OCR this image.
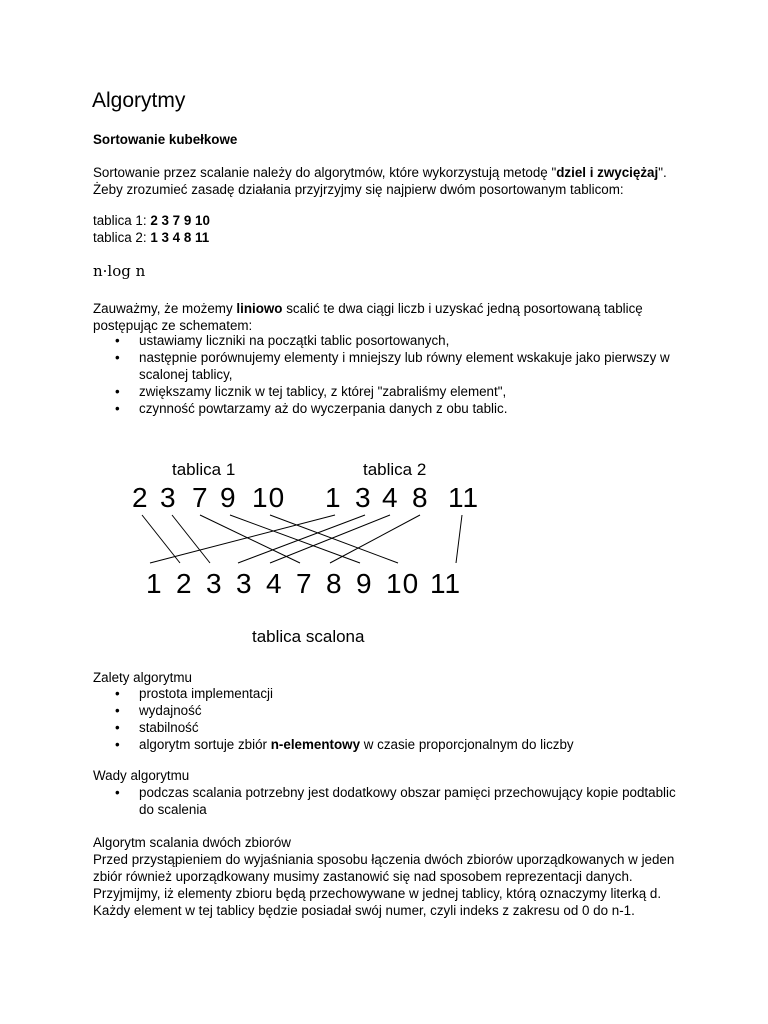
Algorytmy
Sortowanie kubełkowe
Sortowanie przez scalanie należy do algorytmów, które wykorzystują metodę "dziel i zwyciężaj".
Żeby zrozumieć zasadę działania przyjrzyjmy się najpierw dwóm posortowanym tablicom:
tablica 1: 2 3 7 9 10
tablica 2: 1 3 4 8 11
n·log n
Zauważmy, że możemy liniowo scalić te dwa ciągi liczb i uzyskać jedną posortowaną tablicę
postępując ze schematem:
• ustawiamy liczniki na początki tablic posortowanych,
• następnie porównujemy elementy i mniejszy lub równy element wskakuje jako pierwszy w
scalonej tablicy,
• zwiększamy licznik w tej tablicy, z której "zabraliśmy element",
• czynność powtarzamy aż do wyczerpania danych z obu tablic.
tablica 1	tablica 2
2 3 7 9 10 1 3 4 8 11
1 2 3 3 4 7 8 9 10 11
tablica scalona
Zalety algorytmu
• prostota implementacji
• wydajność
• stabilność
• algorytm sortuje zbiór n-elementowy w czasie proporcjonalnym do liczby
Wady algorytmu
• podczas scalania potrzebny jest dodatkowy obszar pamięci przechowujący kopie podtablic
do scalenia
Algorytm scalania dwóch zbiorów
Przed przystąpieniem do wyjaśniania sposobu łączenia dwóch zbiorów uporządkowanych w jeden
zbiór również uporządkowany musimy zastanowić się nad sposobem reprezentacji danych.
Przyjmijmy, iż elementy zbioru będą przechowywane w jednej tablicy, którą oznaczymy literką d.
Każdy element w tej tablicy będzie posiadał swój numer, czyli indeks z zakresu od 0 do n-1.
